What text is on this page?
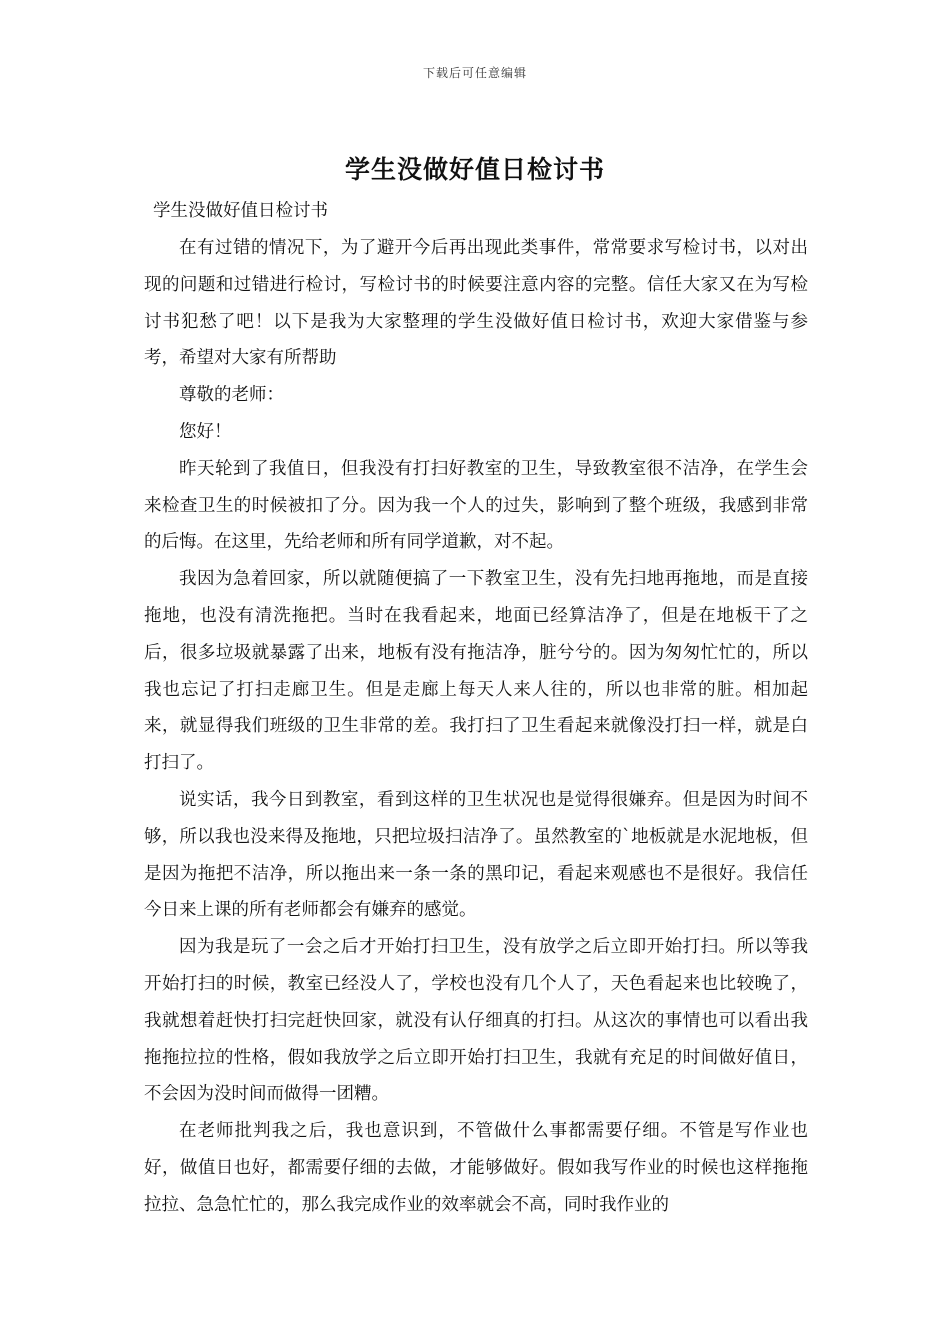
下载后可任意编辑
学生没做好值日检讨书

学生没做好值日检讨书

在有过错的情况下，为了避开今后再出现此类事件，常常要求写检讨书，以对出现的问题和过错进行检讨，写检讨书的时候要注意内容的完整。信任大家又在为写检讨书犯愁了吧！以下是我为大家整理的学生没做好值日检讨书，欢迎大家借鉴与参考，希望对大家有所帮助

尊敬的老师：

您好！

昨天轮到了我值日，但我没有打扫好教室的卫生，导致教室很不洁净，在学生会来检查卫生的时候被扣了分。因为我一个人的过失，影响到了整个班级，我感到非常的后悔。在这里，先给老师和所有同学道歉，对不起。

我因为急着回家，所以就随便搞了一下教室卫生，没有先扫地再拖地，而是直接拖地，也没有清洗拖把。当时在我看起来，地面已经算洁净了，但是在地板干了之后，很多垃圾就暴露了出来，地板有没有拖洁净，脏兮兮的。因为匆匆忙忙的，所以我也忘记了打扫走廊卫生。但是走廊上每天人来人往的，所以也非常的脏。相加起来，就显得我们班级的卫生非常的差。我打扫了卫生看起来就像没打扫一样，就是白打扫了。

说实话，我今日到教室，看到这样的卫生状况也是觉得很嫌弃。但是因为时间不够，所以我也没来得及拖地，只把垃圾扫洁净了。虽然教室的`地板就是水泥地板，但是因为拖把不洁净，所以拖出来一条一条的黑印记，看起来观感也不是很好。我信任今日来上课的所有老师都会有嫌弃的感觉。

因为我是玩了一会之后才开始打扫卫生，没有放学之后立即开始打扫。所以等我开始打扫的时候，教室已经没人了，学校也没有几个人了，天色看起来也比较晚了，我就想着赶快打扫完赶快回家，就没有认仔细真的打扫。从这次的事情也可以看出我拖拖拉拉的性格，假如我放学之后立即开始打扫卫生，我就有充足的时间做好值日，不会因为没时间而做得一团糟。

在老师批判我之后，我也意识到，不管做什么事都需要仔细。不管是写作业也好，做值日也好，都需要仔细的去做，才能够做好。假如我写作业的时候也这样拖拖拉拉、急急忙忙的，那么我完成作业的效率就会不高，同时我作业的
